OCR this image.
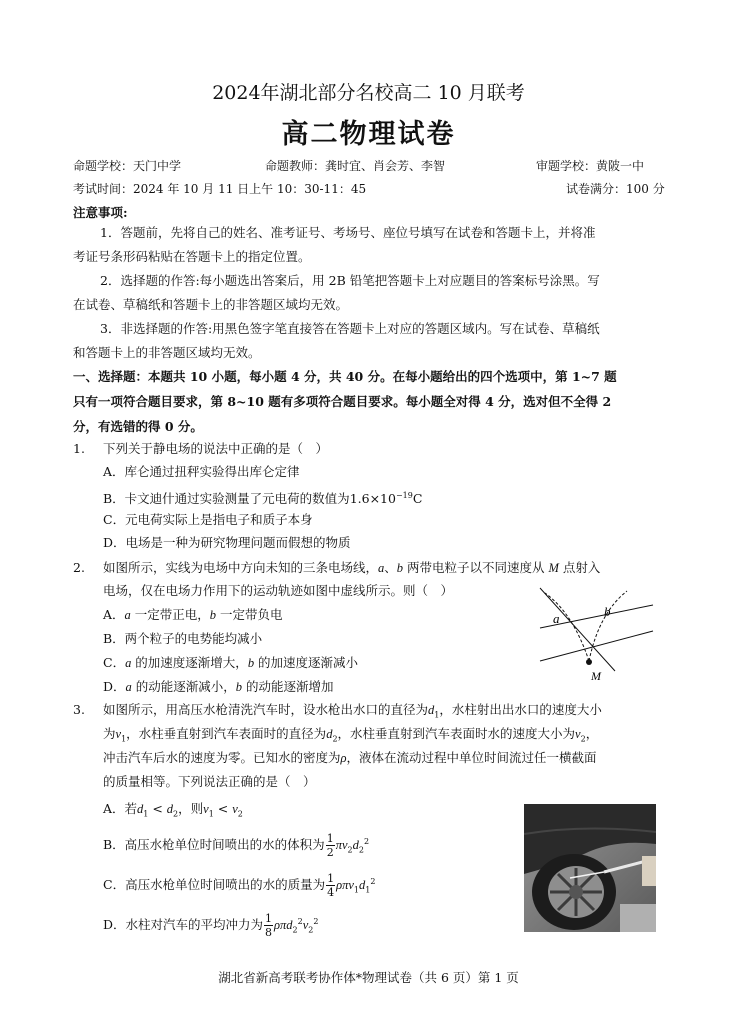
2024年湖北部分名校高二 10 月联考
高二物理试卷
命题学校：天门中学	命题教师：龚时宜、肖会芳、李智	审题学校：黄陂一中
考试时间：2024 年 10 月 11 日上午 10：30-11：45	试卷满分：100 分
注意事项:
1．答题前，先将自己的姓名、准考证号、考场号、座位号填写在试卷和答题卡上，并将准
考证号条形码粘贴在答题卡上的指定位置。
2．选择题的作答:每小题选出答案后，用 2B 铅笔把答题卡上对应题目的答案标号涂黑。写
在试卷、草稿纸和答题卡上的非答题区域均无效。
3．非选择题的作答:用黑色签字笔直接答在答题卡上对应的答题区域内。写在试卷、草稿纸
和答题卡上的非答题区域均无效。
一、选择题：本题共 10 小题，每小题 4 分，共 40 分。在每小题给出的四个选项中，第 1~7 题
只有一项符合题目要求，第 8~10 题有多项符合题目要求。每小题全对得 4 分，选对但不全得 2
分，有选错的得 0 分。
1. 下列关于静电场的说法中正确的是（　）
A．库仑通过扭秤实验得出库仑定律
B．卡文迪什通过实验测量了元电荷的数值为$1.6\times 10^{-19}C$
C．元电荷实际上是指电子和质子本身
D．电场是一种为研究物理问题而假想的物质
2. 如图所示，实线为电场中方向未知的三条电场线，a、b 两带电粒子以不同速度从 M 点射入
电场，仅在电场力作用下的运动轨迹如图中虚线所示。则（　）
A．a 一定带正电，b 一定带负电
B．两个粒子的电势能均减小
C．a 的加速度逐渐增大，b 的加速度逐渐减小
D．a 的动能逐渐减小，b 的动能逐渐增加
a	b
M
3. 如图所示，用高压水枪清洗汽车时，设水枪出水口的直径为$d_1$，水柱射出出水口的速度大小
为$v_1$，水柱垂直射到汽车表面时的直径为$d_2$，水柱垂直射到汽车表面时水的速度大小为$v_2$，
冲击汽车后水的速度为零。已知水的密度为ρ，液体在流动过程中单位时间流过任一横截面
的质量相等。下列说法正确的是（　）
A．若$d_1 < d_2$，则$v_1 < v_2$
B．高压水枪单位时间喷出的水的体积为 $\frac{1}{2} \pi v_2d_2^2$
C．高压水枪单位时间喷出的水的质量为 $\frac{1}{4} \rho\pi v_1d_1^2$
D．水柱对汽车的平均冲力为 $\frac{1}{8} \rho\pi d_2^2v_2^2$
湖北省新高考联考协作体*物理试卷（共 6 页）第 1 页
